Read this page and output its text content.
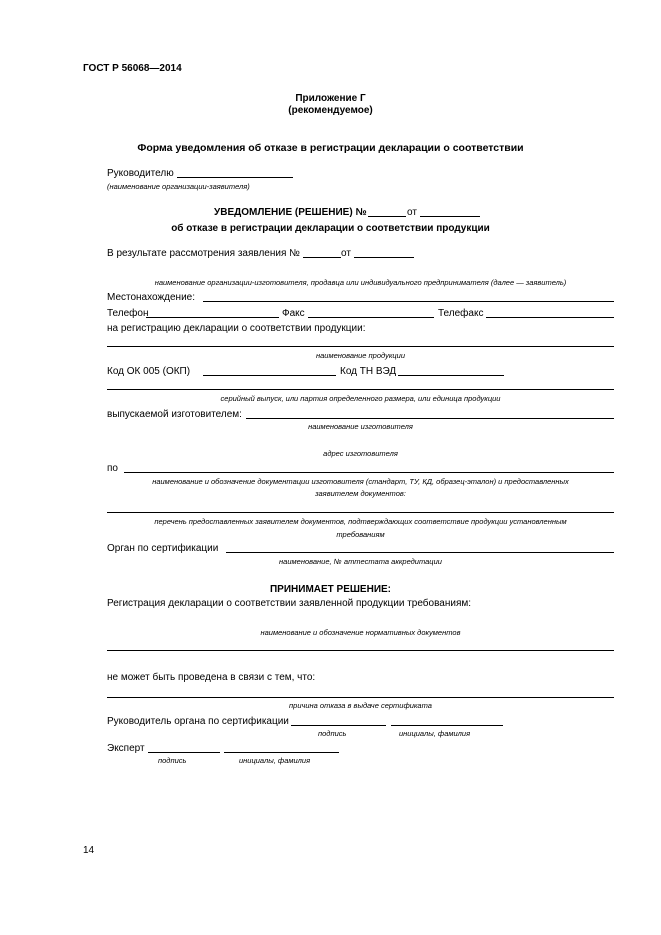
ГОСТ Р 56068—2014
Приложение Г
(рекомендуемое)
Форма уведомления об отказе в регистрации декларации о соответствии
Руководителю
(наименование организации-заявителя)
УВЕДОМЛЕНИЕ (РЕШЕНИЕ) №	от
об отказе в регистрации декларации о соответствии продукции
В результате рассмотрения заявления №	от
наименование организации-изготовителя, продавца или индивидуального предпринимателя (далее — заявитель)
Местонахождение:
Телефон	Факс	Телефакс
на регистрацию декларации о соответствии продукции:
наименование продукции
Код ОК 005 (ОКП)	Код ТН ВЭД
серийный выпуск, или партия определенного размера, или единица продукции
выпускаемой изготовителем:
наименование изготовителя
адрес изготовителя
по
наименование и обозначение документации изготовителя (стандарт, ТУ, КД, образец-эталон) и предоставленных
заявителем документов:
перечень предоставленных заявителем документов, подтверждающих соответствие продукции установленным
требованиям
Орган по сертификации
наименование, № аттестата аккредитации
ПРИНИМАЕТ РЕШЕНИЕ:
Регистрация декларации о соответствии заявленной продукции требованиям:
наименование и обозначение нормативных документов
не может быть проведена в связи с тем, что:
причина отказа в выдаче сертификата
Руководитель органа по сертификации
подпись	инициалы, фамилия
Эксперт
подпись	инициалы, фамилия
14
